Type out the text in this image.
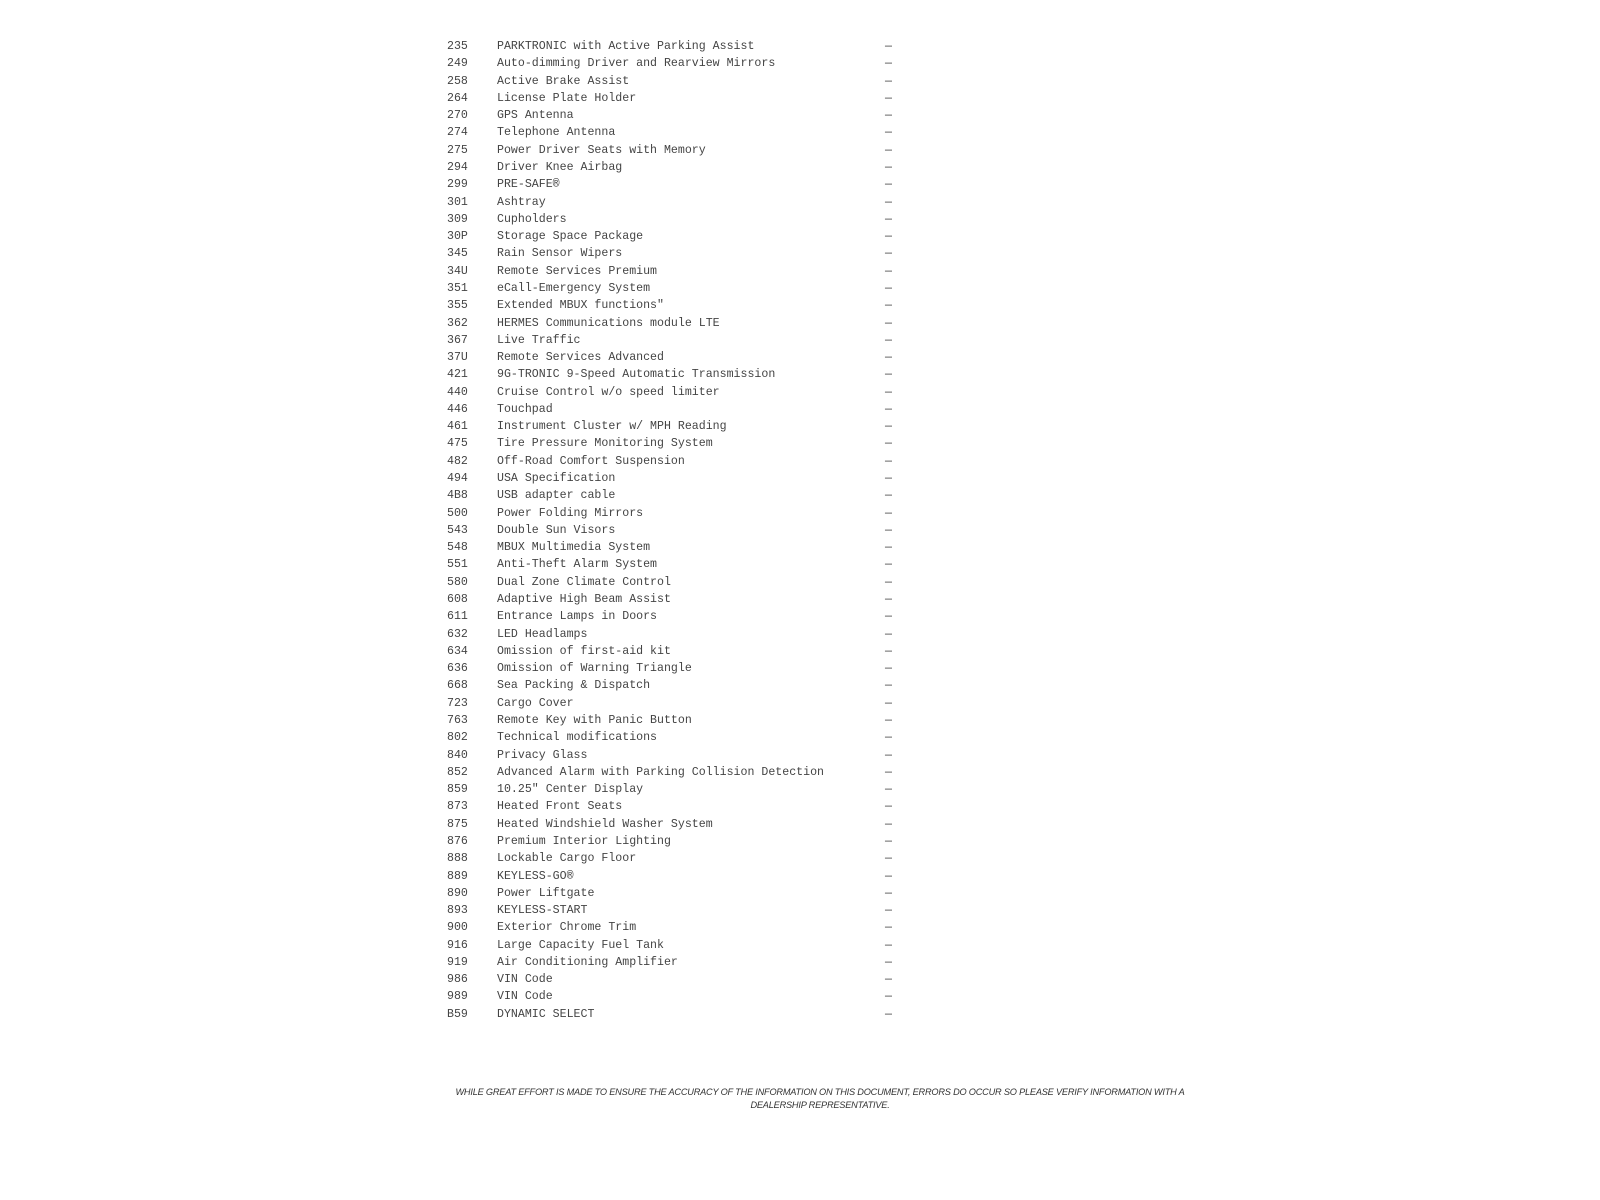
235	PARKTRONIC with Active Parking Assist	—
249	Auto-dimming Driver and Rearview Mirrors	—
258	Active Brake Assist	—
264	License Plate Holder	—
270	GPS Antenna	—
274	Telephone Antenna	—
275	Power Driver Seats with Memory	—
294	Driver Knee Airbag	—
299	PRE-SAFE®	—
301	Ashtray	—
309	Cupholders	—
30P	Storage Space Package	—
345	Rain Sensor Wipers	—
34U	Remote Services Premium	—
351	eCall-Emergency System	—
355	Extended MBUX functions"	—
362	HERMES Communications module LTE	—
367	Live Traffic	—
37U	Remote Services Advanced	—
421	9G-TRONIC 9-Speed Automatic Transmission	—
440	Cruise Control w/o speed limiter	—
446	Touchpad	—
461	Instrument Cluster w/ MPH Reading	—
475	Tire Pressure Monitoring System	—
482	Off-Road Comfort Suspension	—
494	USA Specification	—
4B8	USB adapter cable	—
500	Power Folding Mirrors	—
543	Double Sun Visors	—
548	MBUX Multimedia System	—
551	Anti-Theft Alarm System	—
580	Dual Zone Climate Control	—
608	Adaptive High Beam Assist	—
611	Entrance Lamps in Doors	—
632	LED Headlamps	—
634	Omission of first-aid kit	—
636	Omission of Warning Triangle	—
668	Sea Packing & Dispatch	—
723	Cargo Cover	—
763	Remote Key with Panic Button	—
802	Technical modifications	—
840	Privacy Glass	—
852	Advanced Alarm with Parking Collision Detection	—
859	10.25" Center Display	—
873	Heated Front Seats	—
875	Heated Windshield Washer System	—
876	Premium Interior Lighting	—
888	Lockable Cargo Floor	—
889	KEYLESS-GO®	—
890	Power Liftgate	—
893	KEYLESS-START	—
900	Exterior Chrome Trim	—
916	Large Capacity Fuel Tank	—
919	Air Conditioning Amplifier	—
986	VIN Code	—
989	VIN Code	—
B59	DYNAMIC SELECT	—
WHILE GREAT EFFORT IS MADE TO ENSURE THE ACCURACY OF THE INFORMATION ON THIS DOCUMENT, ERRORS DO OCCUR SO PLEASE VERIFY INFORMATION WITH A
DEALERSHIP REPRESENTATIVE.
